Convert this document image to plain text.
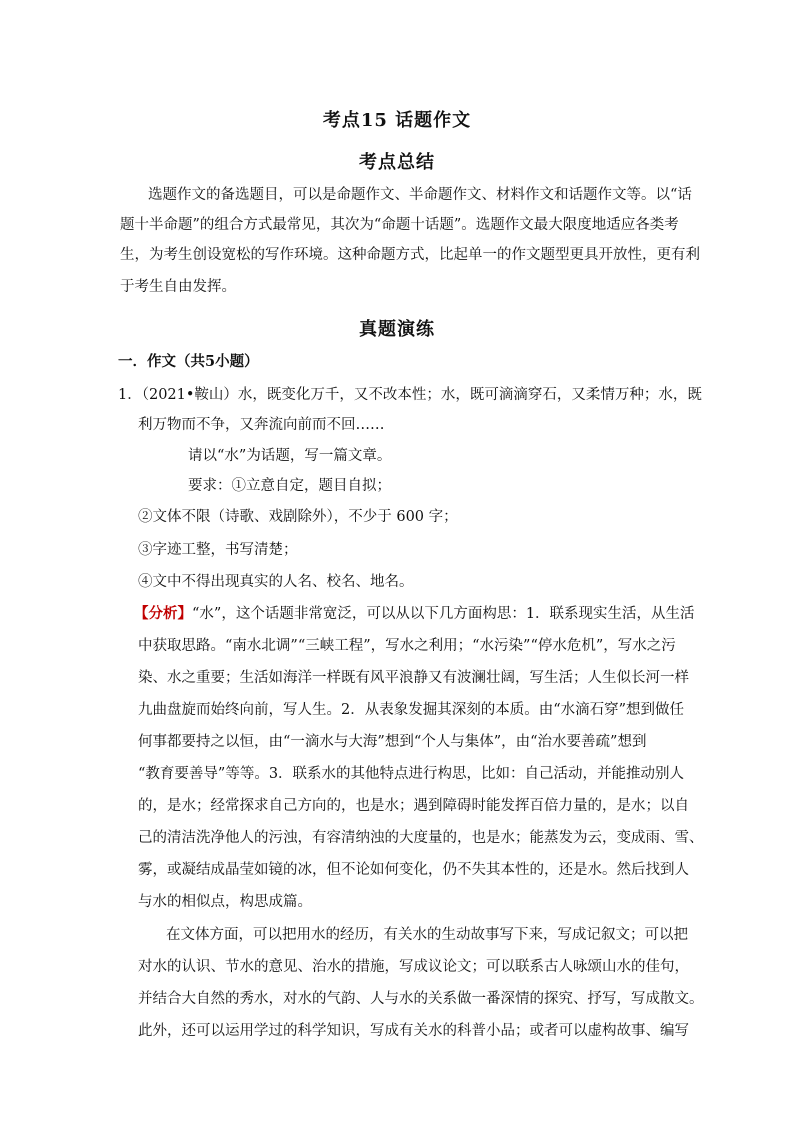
考点15 话题作文
考点总结
选题作文的备选题目，可以是命题作文、半命题作文、材料作文和话题作文等。以“话
题十半命题”的组合方式最常见，其次为“命题十话题”。选题作文最大限度地适应各类考
生，为考生创设宽松的写作环境。这种命题方式，比起单一的作文题型更具开放性，更有利
于考生自由发挥。
真题演练
一．作文（共5小题）
1．（2021•鞍山）水，既变化万千，又不改本性；水，既可滴滴穿石，又柔情万种；水，既
利万物而不争，又奔流向前而不回……
请以“水”为话题，写一篇文章。
要求：①立意自定，题目自拟；
②文体不限（诗歌、戏剧除外），不少于 600 字；
③字迹工整，书写清楚；
④文中不得出现真实的人名、校名、地名。
【分析】“水”，这个话题非常宽泛，可以从以下几方面构思：1．联系现实生活，从生活
中获取思路。“南水北调”“三峡工程”，写水之利用；“水污染”“停水危机”，写水之污
染、水之重要；生活如海洋一样既有风平浪静又有波澜壮阔，写生活；人生似长河一样
九曲盘旋而始终向前，写人生。2．从表象发掘其深刻的本质。由“水滴石穿”想到做任
何事都要持之以恒，由“一滴水与大海”想到“个人与集体”，由“治水要善疏”想到
“教育要善导”等等。3．联系水的其他特点进行构思，比如：自己活动，并能推动别人
的，是水；经常探求自己方向的，也是水；遇到障碍时能发挥百倍力量的，是水；以自
己的清洁洗净他人的污浊，有容清纳浊的大度量的，也是水；能蒸发为云，变成雨、雪、
雾，或凝结成晶莹如镜的冰，但不论如何变化，仍不失其本性的，还是水。然后找到人
与水的相似点，构思成篇。
在文体方面，可以把用水的经历，有关水的生动故事写下来，写成记叙文；可以把
对水的认识、节水的意见、治水的措施，写成议论文；可以联系古人咏颂山水的佳句，
并结合大自然的秀水，对水的气韵、人与水的关系做一番深情的探究、抒写，写成散文。
此外，还可以运用学过的科学知识，写成有关水的科普小品；或者可以虚构故事、编写
